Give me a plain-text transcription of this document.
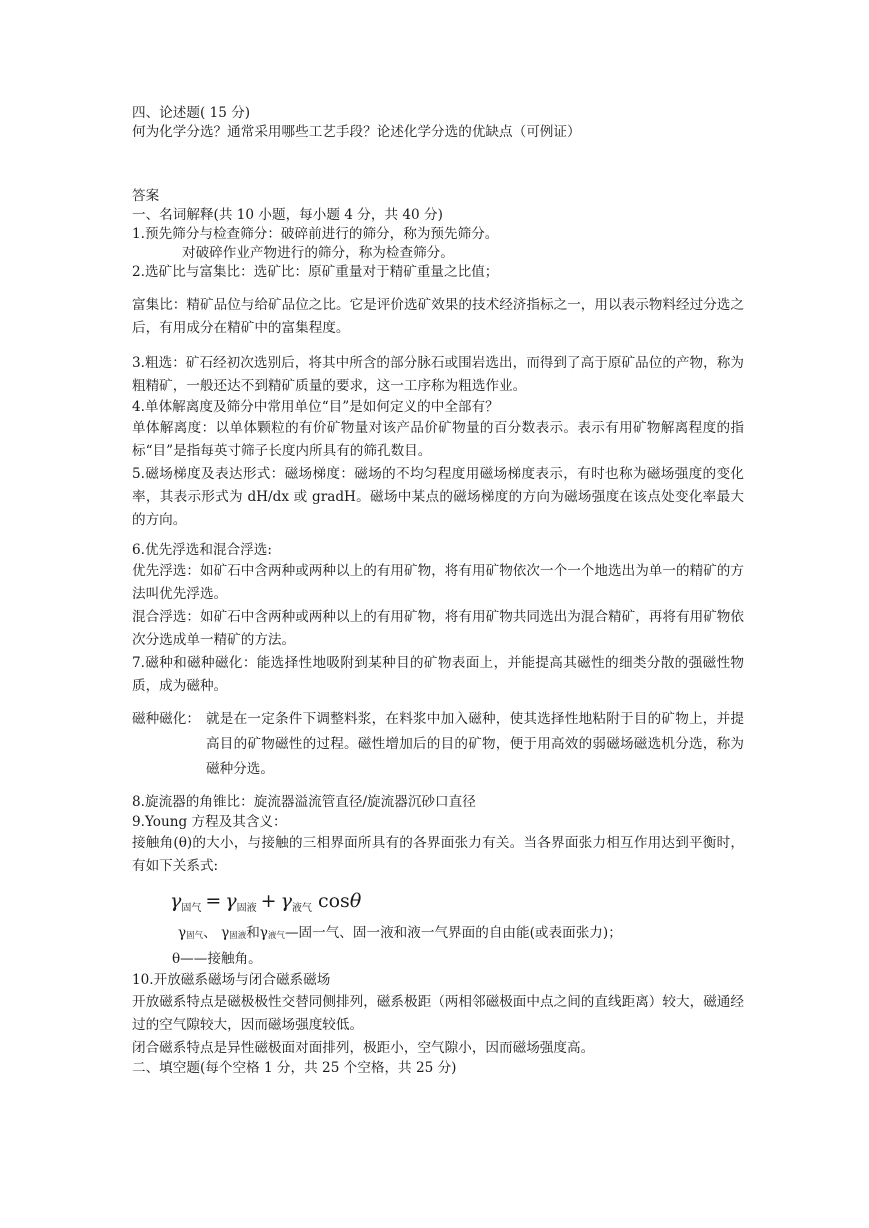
四、论述题( 15 分)
何为化学分选？通常采用哪些工艺手段？论述化学分选的优缺点（可例证）
答案
一、名词解释(共 10 小题，每小题 4 分，共 40 分)
1.预先筛分与检查筛分：破碎前进行的筛分，称为预先筛分。
对破碎作业产物进行的筛分，称为检查筛分。
2.选矿比与富集比：选矿比：原矿重量对于精矿重量之比值；
富集比：精矿品位与给矿品位之比。它是评价选矿效果的技术经济指标之一，用以表示物料经过分选之后，有用成分在精矿中的富集程度。
3.粗选：矿石经初次选别后，将其中所含的部分脉石或围岩选出，而得到了高于原矿品位的产物，称为粗精矿，一般还达不到精矿质量的要求，这一工序称为粗选作业。
4.单体解离度及筛分中常用单位“目”是如何定义的中全部有？
单体解离度：以单体颗粒的有价矿物量对该产品价矿物量的百分数表示。表示有用矿物解离程度的指标“目”是指每英寸筛子长度内所具有的筛孔数目。
5.磁场梯度及表达形式：磁场梯度：磁场的不均匀程度用磁场梯度表示，有时也称为磁场强度的变化率，其表示形式为 dH/dx 或 gradH。磁场中某点的磁场梯度的方向为磁场强度在该点处变化率最大的方向。
6.优先浮选和混合浮选:
优先浮选：如矿石中含两种或两种以上的有用矿物，将有用矿物依次一个一个地选出为单一的精矿的方法叫优先浮选。
混合浮选：如矿石中含两种或两种以上的有用矿物，将有用矿物共同选出为混合精矿，再将有用矿物依次分选成单一精矿的方法。
7.磁种和磁种磁化：能选择性地吸附到某种目的矿物表面上，并能提高其磁性的细类分散的强磁性物质，成为磁种。
磁种磁化： 就是在一定条件下调整料浆，在料浆中加入磁种，使其选择性地粘附于目的矿物上，并提高目的矿物磁性的过程。磁性增加后的目的矿物，便于用高效的弱磁场磁选机分选，称为磁种分选。
8.旋流器的角锥比：旋流器溢流管直径/旋流器沉砂口直径
9.Young 方程及其含义：
接触角(θ)的大小，与接触的三相界面所具有的各界面张力有关。当各界面张力相互作用达到平衡时，有如下关系式:
$\gamma_{固气} = \gamma_{固液} + \gamma_{液气}$ cosθ
$\gamma_{固气}$、 $\gamma_{固液}$和$\gamma_{液气}—$固一气、固一液和液一气界面的自由能(或表面张力)；
θ——接触角。
10.开放磁系磁场与闭合磁系磁场
开放磁系特点是磁极极性交替同侧排列，磁系极距（两相邻磁极面中点之间的直线距离）较大，磁通经过的空气隙较大，因而磁场强度较低。
闭合磁系特点是异性磁极面对面排列，极距小，空气隙小，因而磁场强度高。
二、填空题(每个空格 1 分，共 25 个空格，共 25 分)
